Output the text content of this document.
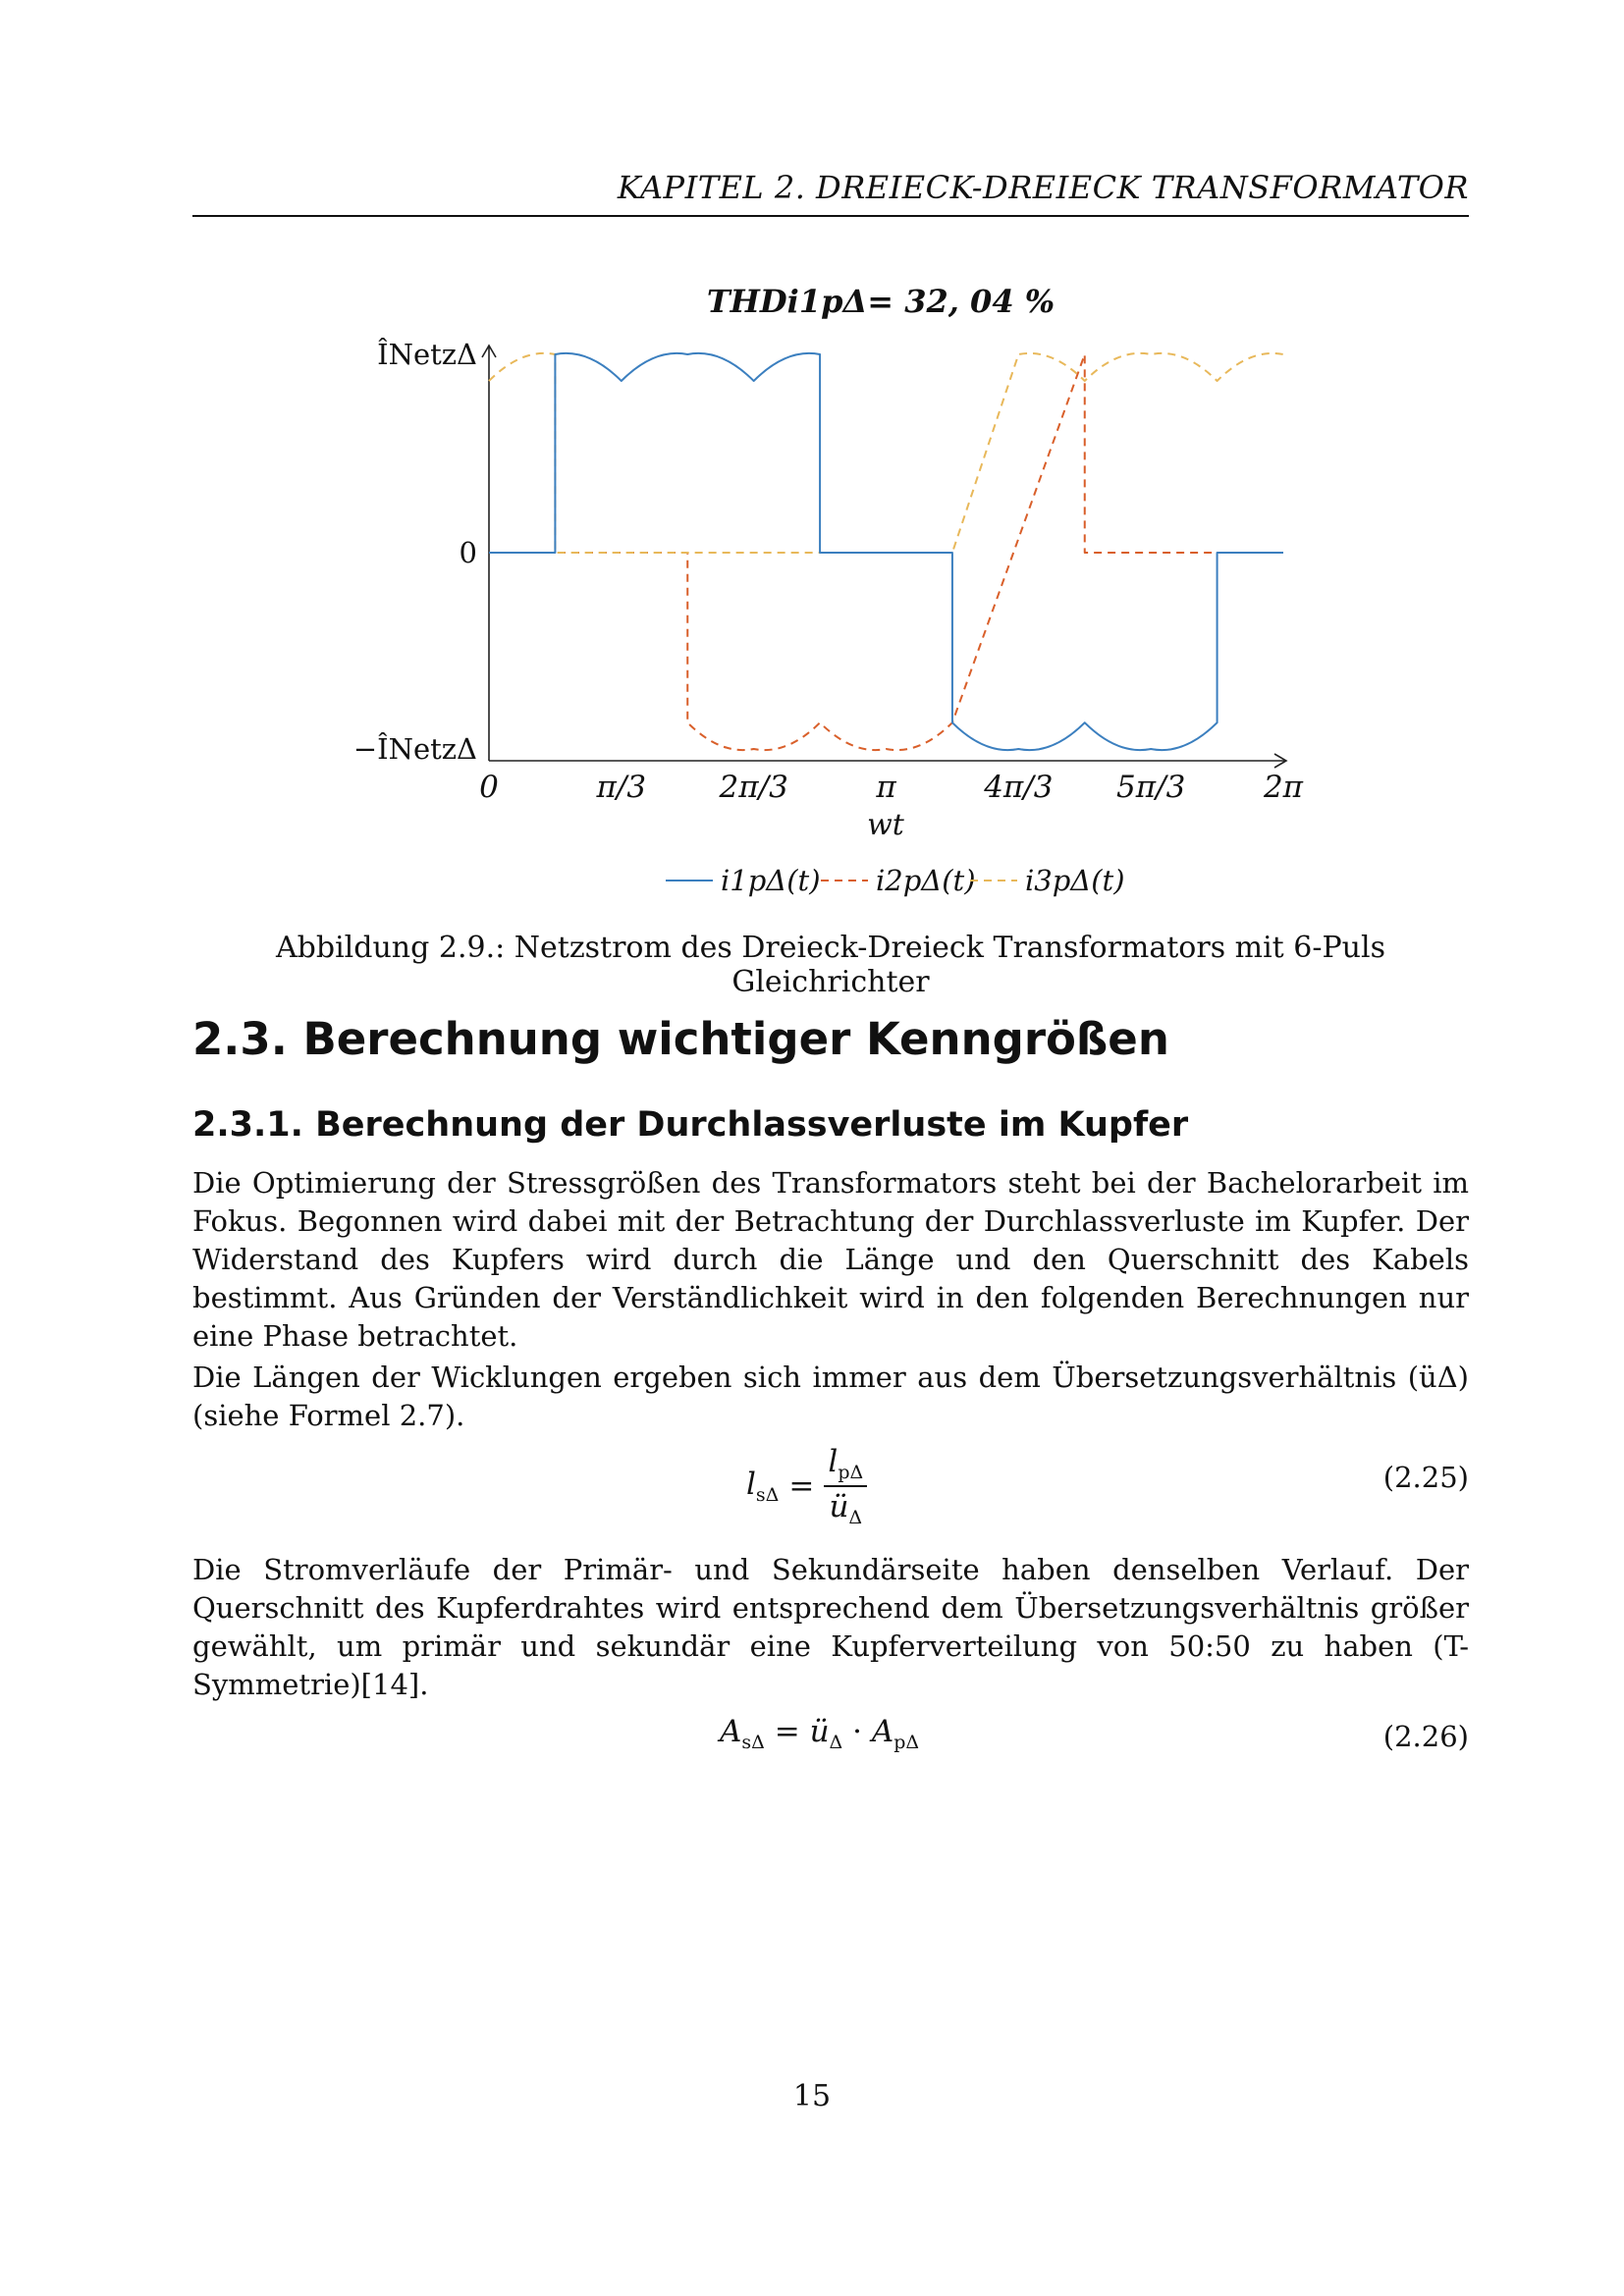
KAPITEL 2. DREIECK-DREIECK TRANSFORMATOR
0	π/3 2π/3	π	4π/3 5π/3	2π
ÎNetzΔ
0
−ÎNetzΔ
THDi1pΔ= 32, 04 %
wt
i1pΔ(t) i2pΔ(t) i3pΔ(t)
Abbildung 2.9.: Netzstrom des Dreieck-Dreieck Transformators mit 6-Puls Gleichrichter
2.3. Berechnung wichtiger Kenngrößen
2.3.1. Berechnung der Durchlassverluste im Kupfer

Die Optimierung der Stressgrößen des Transformators steht bei der Bachelorarbeit im Fokus. Begonnen wird dabei mit der Betrachtung der Durchlassverluste im Kupfer. Der Widerstand des Kupfers wird durch die Länge und den Querschnitt des Kabels bestimmt. Aus Gründen der Verständlichkeit wird in den folgenden Berechnungen nur eine Phase betrachtet.

Die Längen der Wicklungen ergeben sich immer aus dem Übersetzungsverhältnis (üΔ) (siehe Formel 2.7).

$l_{s\Delta} = \frac{l_{p\Delta}}{ü_\Delta}$	(2.25)

Die Stromverläufe der Primär- und Sekundärseite haben denselben Verlauf. Der Querschnitt des Kupferdrahtes wird entsprechend dem Übersetzungsverhältnis größer gewählt, um primär und sekundär eine Kupferverteilung von 50:50 zu haben (T-Symmetrie)[14].

$A_{s\Delta}$ = $ü_\Delta \cdot A_{p\Delta}$	(2.26)
15
